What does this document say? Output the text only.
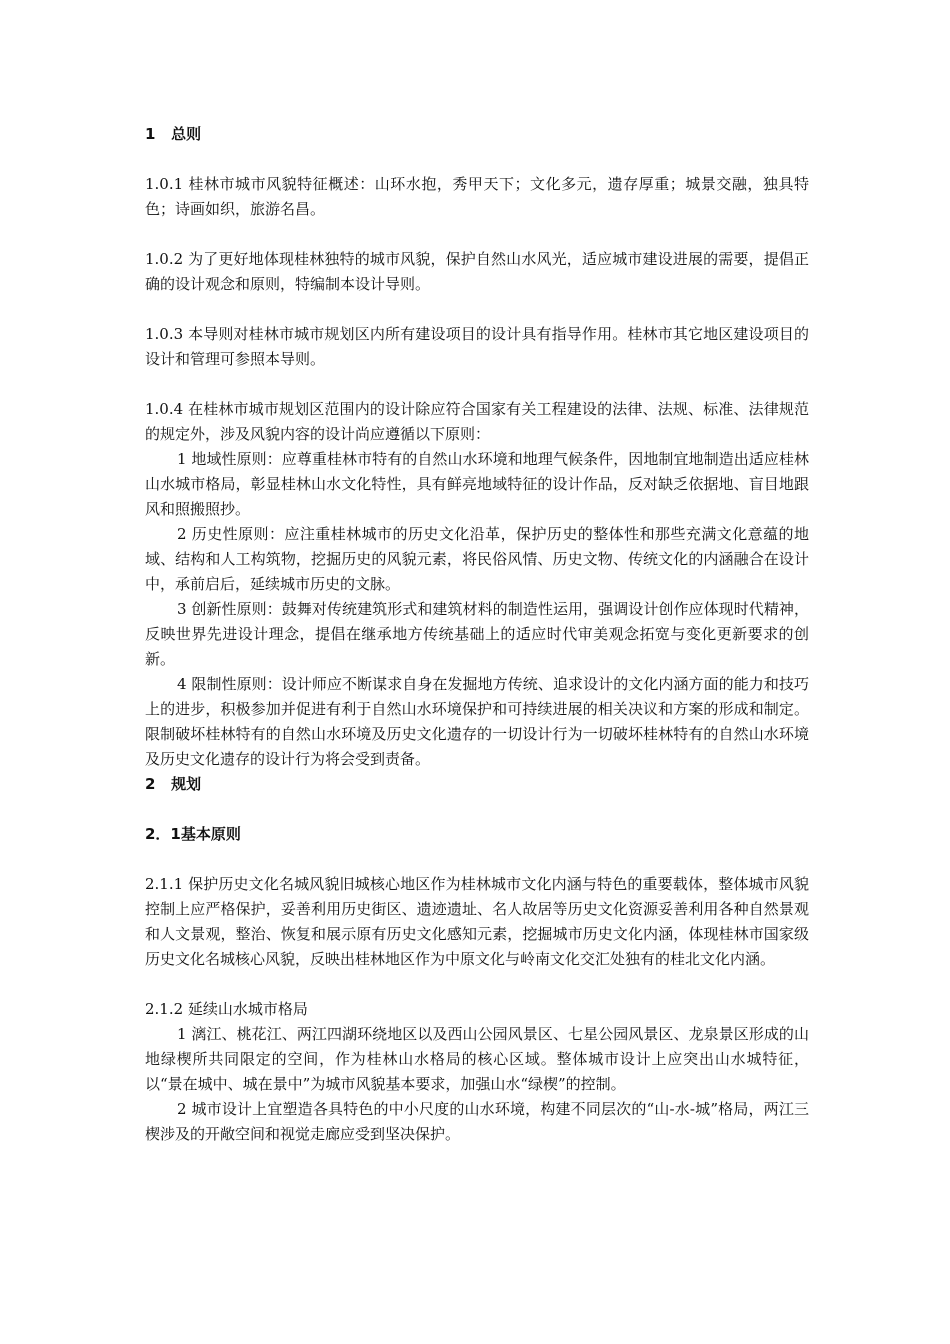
1   总则

1.0.1 桂林市城市风貌特征概述：山环水抱，秀甲天下；文化多元，遗存厚重；城景交融，独具特色；诗画如织，旅游名昌。

1.0.2 为了更好地体现桂林独特的城市风貌，保护自然山水风光，适应城市建设进展的需要，提倡正确的设计观念和原则，特编制本设计导则。

1.0.3 本导则对桂林市城市规划区内所有建设项目的设计具有指导作用。桂林市其它地区建设项目的设计和管理可参照本导则。

1.0.4 在桂林市城市规划区范围内的设计除应符合国家有关工程建设的法律、法规、标准、法律规范的规定外，涉及风貌内容的设计尚应遵循以下原则：

1 地域性原则：应尊重桂林市特有的自然山水环境和地理气候条件，因地制宜地制造出适应桂林山水城市格局，彰显桂林山水文化特性，具有鲜亮地域特征的设计作品，反对缺乏依据地、盲目地跟风和照搬照抄。

2 历史性原则：应注重桂林城市的历史文化沿革，保护历史的整体性和那些充满文化意蕴的地域、结构和人工构筑物，挖掘历史的风貌元素，将民俗风情、历史文物、传统文化的内涵融合在设计中，承前启后，延续城市历史的文脉。

3 创新性原则：鼓舞对传统建筑形式和建筑材料的制造性运用，强调设计创作应体现时代精神，反映世界先进设计理念，提倡在继承地方传统基础上的适应时代审美观念拓宽与变化更新要求的创新。

4 限制性原则：设计师应不断谋求自身在发掘地方传统、追求设计的文化内涵方面的能力和技巧上的进步，积极参加并促进有利于自然山水环境保护和可持续进展的相关决议和方案的形成和制定。限制破坏桂林特有的自然山水环境及历史文化遗存的一切设计行为一切破坏桂林特有的自然山水环境及历史文化遗存的设计行为将会受到责备。

2   规划

2．1基本原则

2.1.1 保护历史文化名城风貌旧城核心地区作为桂林城市文化内涵与特色的重要载体，整体城市风貌控制上应严格保护，妥善利用历史街区、遗迹遗址、名人故居等历史文化资源妥善利用各种自然景观和人文景观，整治、恢复和展示原有历史文化感知元素，挖掘城市历史文化内涵，体现桂林市国家级历史文化名城核心风貌，反映出桂林地区作为中原文化与岭南文化交汇处独有的桂北文化内涵。

2.1.2 延续山水城市格局

1 漓江、桃花江、两江四湖环绕地区以及西山公园风景区、七星公园风景区、龙泉景区形成的山地绿楔所共同限定的空间，作为桂林山水格局的核心区域。整体城市设计上应突出山水城特征，以“景在城中、城在景中”为城市风貌基本要求，加强山水“绿楔”的控制。

2 城市设计上宜塑造各具特色的中小尺度的山水环境，构建不同层次的“山-水-城”格局，两江三楔涉及的开敞空间和视觉走廊应受到坚决保护。
